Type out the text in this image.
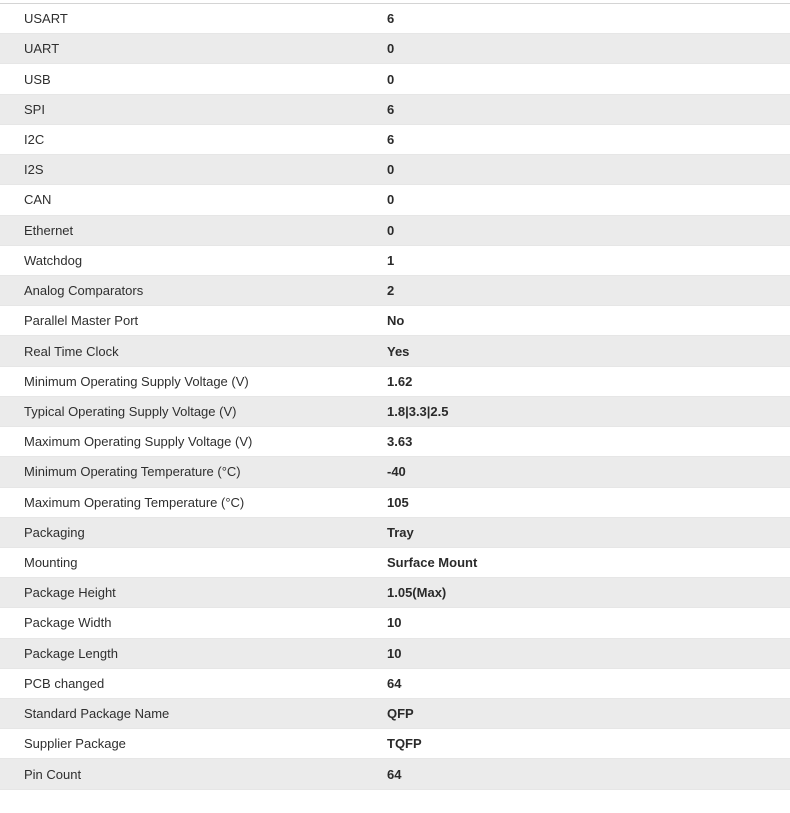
USART	6
UART	0
USB	0
SPI	6
I2C	6
I2S	0
CAN	0
Ethernet	0
Watchdog	1
Analog Comparators	2
Parallel Master Port	No
Real Time Clock	Yes
Minimum Operating Supply Voltage (V)	1.62
Typical Operating Supply Voltage (V)	1.8|3.3|2.5
Maximum Operating Supply Voltage (V)	3.63
Minimum Operating Temperature (°C)	-40
Maximum Operating Temperature (°C)	105
Packaging	Tray
Mounting	Surface Mount
Package Height	1.05(Max)
Package Width	10
Package Length	10
PCB changed	64
Standard Package Name	QFP
Supplier Package	TQFP
Pin Count	64
